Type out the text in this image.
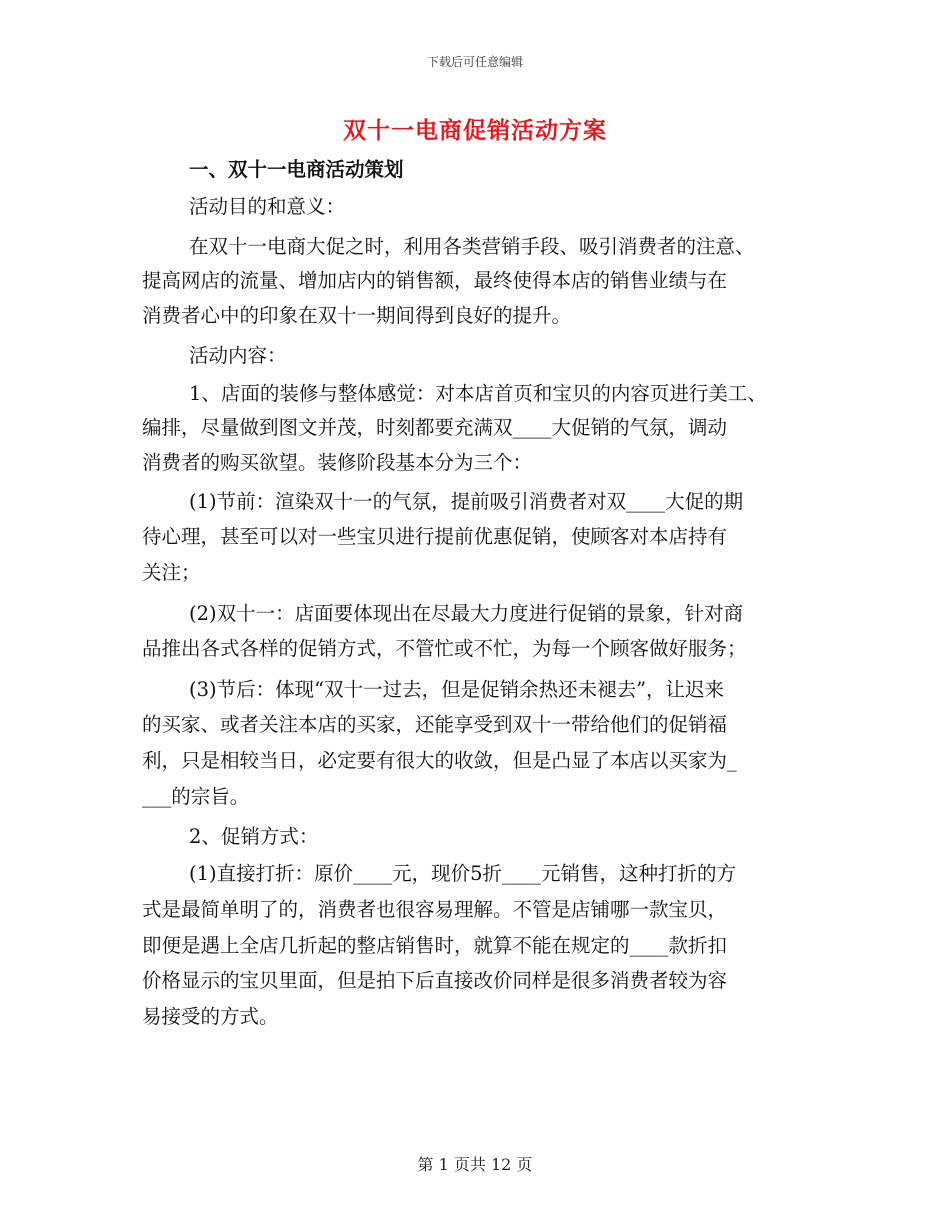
下载后可任意编辑
双十一电商促销活动方案
一、双十一电商活动策划
活动目的和意义：
在双十一电商大促之时，利用各类营销手段、吸引消费者的注意、
提高网店的流量、增加店内的销售额，最终使得本店的销售业绩与在
消费者心中的印象在双十一期间得到良好的提升。
活动内容：
1、店面的装修与整体感觉：对本店首页和宝贝的内容页进行美工、
编排，尽量做到图文并茂，时刻都要充满双____大促销的气氛，调动
消费者的购买欲望。装修阶段基本分为三个：
(1)节前：渲染双十一的气氛，提前吸引消费者对双____大促的期
待心理，甚至可以对一些宝贝进行提前优惠促销，使顾客对本店持有
关注；
(2)双十一：店面要体现出在尽最大力度进行促销的景象，针对商
品推出各式各样的促销方式，不管忙或不忙，为每一个顾客做好服务；
(3)节后：体现“双十一过去，但是促销余热还未褪去”，让迟来
的买家、或者关注本店的买家，还能享受到双十一带给他们的促销福
利，只是相较当日，必定要有很大的收敛，但是凸显了本店以买家为_
___的宗旨。
2、促销方式：
(1)直接打折：原价____元，现价5折____元销售，这种打折的方
式是最简单明了的，消费者也很容易理解。不管是店铺哪一款宝贝，
即便是遇上全店几折起的整店销售时，就算不能在规定的____款折扣
价格显示的宝贝里面，但是拍下后直接改价同样是很多消费者较为容
易接受的方式。
第 1 页共 12 页
